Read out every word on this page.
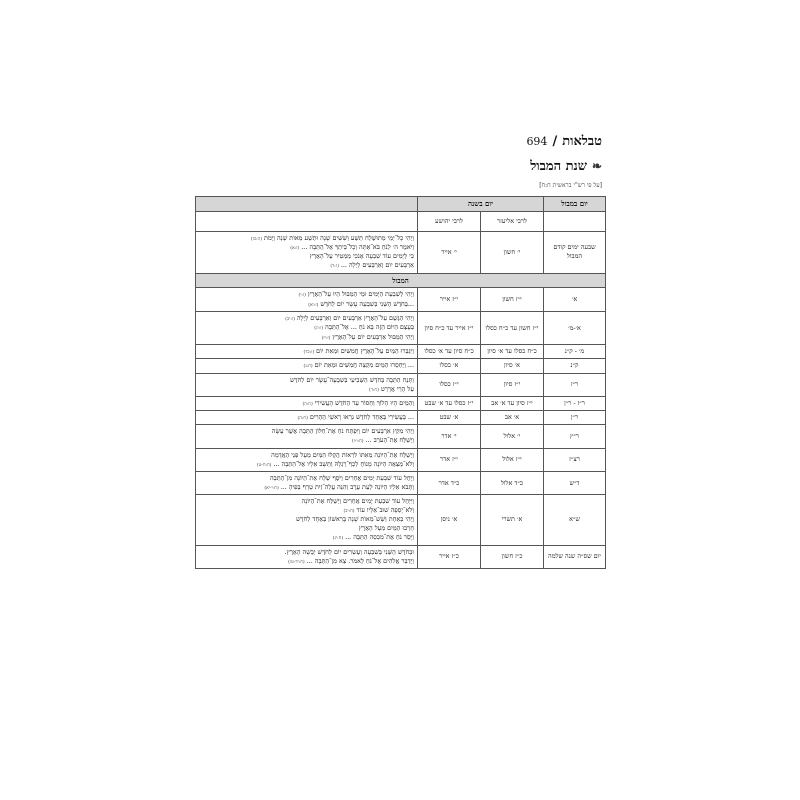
טבלאות
/
694
❧
שנת המבול
[על פי רש"י בראשית ח:ח]
יום במבול	יום בשנה		
	לרבי אליעזר	לרבי יהושע	
שבעה ימים קודם המבול	י׳ חשון	י׳ אייר	וַיְהִי כָּל־יְמֵי מְתוּשֶׁלַח תֵּשַׁע וְשִׁשִּׁים שָׁנָה וּתְשַׁע מֵאוֹת שָׁנָה וַיָּמֹת(ה:כז)
וַיֹּאמֶר ה׳ לְנֹחַ בֹּא־אַתָּה וְכָל־בֵּיתְךָ אֶל־הַתֵּבָה ...(ז:א)
כִּי לְיָמִים עוֹד שִׁבְעָה אָנֹכִי מַמְטִיר עַל־הָאָרֶץ
אַרְבָּעִים יוֹם וְאַרְבָּעִים לָיְלָה ...(ז:ד)

המבול			
א׳	י״ז חשון	י״ז אייר	וַיְהִי לְשִׁבְעַת הַיָּמִים וּמֵי הַמַּבּוּל הָיוּ עַל־הָאָרֶץ(ז:י)
...בַּחֹדֶשׁ הַשֵּׁנִי בְּשִׁבְעָה עָשָׂר יוֹם לַחֹדֶשׁ(ז:יא)

א׳-מ׳	י״ז חשון עד כ״ח כסלו	י״ז אייר עד כ״ח סיון	וַיְהִי הַגֶּשֶׁם עַל־הָאָרֶץ אַרְבָּעִים יוֹם וְאַרְבָּעִים לָיְלָה(ז:יב)
בְּעֶצֶם הַיּוֹם הַזֶּה בָּא נֹחַ ... אֶל־הַתֵּבָה(ז:יג)
וַיְהִי הַמַּבּוּל אַרְבָּעִים יוֹם עַל־הָאָרֶץ(ז:יז)

מ׳ - ק״נ	כ״ח כסלו עד א׳ סיון	כ״ח סיון עד א׳ כסלו	וַיִּגְבְּרוּ הַמַּיִם עַל־הָאָרֶץ חֲמִשִּׁים וּמְאַת יוֹם(ז:כד)

ק״נ	א׳ סיון	א׳ כסלו	... וַיַּחְסְרוּ הַמַּיִם מִקְצֵה חֲמִשִּׁים וּמְאַת יוֹם(ח:ג)

ר״ז	י״ז סיון	י״ז כסלו	וַתָּנַח הַתֵּבָה בַּחֹדֶשׁ הַשְּׁבִיעִי בְּשִׁבְעָה־עָשָׂר יוֹם לַחֹדֶשׁ
עַל הָרֵי אֲרָרָט(ח:ד)

ר״ז - ר״ן	י״ז סיון עד א׳ אב	י״ז כסלו עד א׳ שבט	וְהַמַּיִם הָיוּ הָלוֹךְ וְחָסוֹר עַד הַחֹדֶשׁ הָעֲשִׂירִי(ח:ה)

ר״ן	א׳ אב	א׳ שבט	... בָּעֲשִׂירִי בְּאֶחָד לַחֹדֶשׁ נִרְאוּ רָאשֵׁי הֶהָרִים(ח:ה)

ר״ץ	י׳ אלול	י׳ אדר	וַיְהִי מִקֵּץ אַרְבָּעִים יוֹם וַיִּפְתַּח נֹחַ אֶת־חַלּוֹן הַתֵּבָה אֲשֶׁר עָשָׂה
וַיְשַׁלַּח אֶת־הָעֹרֵב ...(ח:ו-ז)

רצ״ז	י״ז אלול	י״ז אדר	וַיְשַׁלַּח אֶת־הַיּוֹנָה מֵאִתּוֹ לִרְאוֹת הֲקַלּוּ הַמַּיִם מֵעַל פְּנֵי הָאֲדָמָה
וְלֹא־מָצְאָה הַיּוֹנָה מָנוֹחַ לְכַף־רַגְלָהּ וַתָּשָׁב אֵלָיו אֶל־הַתֵּבָה ...(ח:ח-ט)

ד״ש	כ״ד אלול	כ״ד אדר	וַיָּחֶל עוֹד שִׁבְעַת יָמִים אֲחֵרִים וַיֹּסֶף שַׁלַּח אֶת־הַיּוֹנָה מִן־הַתֵּבָה
וַתָּבֹא אֵלָיו הַיּוֹנָה לְעֵת עֶרֶב וְהִנֵּה עֲלֵה־זַיִת טָרָף בְּפִיהָ ...(ח:י-יא)

ש״א	א׳ תשרי	א׳ ניסן	וַיִּיָּחֶל עוֹד שִׁבְעַת יָמִים אֲחֵרִים וַיְשַׁלַּח אֶת־הַיּוֹנָה
וְלֹא־יָסְפָה שׁוּב־אֵלָיו עוֹד(ח:יב)
וַיְהִי בְּאַחַת וְשֵׁשׁ־מֵאוֹת שָׁנָה בָּרִאשׁוֹן בְּאֶחָד לַחֹדֶשׁ
חָרְבוּ הַמַּיִם מֵעַל הָאָרֶץ
וַיָּסַר נֹחַ אֶת־מִכְסֵה הַתֵּבָה ...(ח:יג)

יום שס״ה שנה שלמה	כ״ז חשון	כ״ז אייר	וּבַחֹדֶשׁ הַשֵּׁנִי בְּשִׁבְעָה וְעֶשְׂרִים יוֹם לַחֹדֶשׁ יָבְשָׁה הָאָרֶץ.
וַיְדַבֵּר אֱלֹהִים אֶל־נֹחַ לֵאמֹר. צֵא מִן־הַתֵּבָה ...(ח:יד-טז)
